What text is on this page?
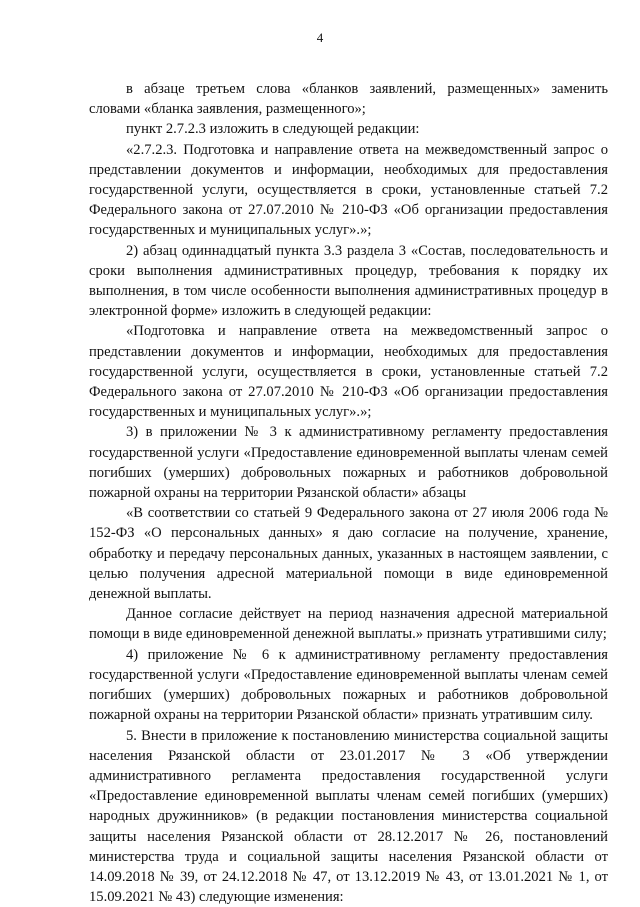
4

в абзаце третьем слова «бланков заявлений, размещенных» заменить словами «бланка заявления, размещенного»;

пункт 2.7.2.3 изложить в следующей редакции:

«2.7.2.3. Подготовка и направление ответа на межведомственный запрос о представлении документов и информации, необходимых для предоставления государственной услуги, осуществляется в сроки, установленные статьей 7.2 Федерального закона от 27.07.2010 № 210-ФЗ «Об организации предоставления государственных и муниципальных услуг».»;

2) абзац одиннадцатый пункта 3.3 раздела 3 «Состав, последовательность и сроки выполнения административных процедур, требования к порядку их выполнения, в том числе особенности выполнения административных процедур в электронной форме» изложить в следующей редакции:

«Подготовка и направление ответа на межведомственный запрос о представлении документов и информации, необходимых для предоставления государственной услуги, осуществляется в сроки, установленные статьей 7.2 Федерального закона от 27.07.2010 № 210-ФЗ «Об организации предоставления государственных и муниципальных услуг».»;

3) в приложении № 3 к административному регламенту предоставления государственной услуги «Предоставление единовременной выплаты членам семей погибших (умерших) добровольных пожарных и работников добровольной пожарной охраны на территории Рязанской области» абзацы

«В соответствии со статьей 9 Федерального закона от 27 июля 2006 года № 152-ФЗ «О персональных данных» я даю согласие на получение, хранение, обработку и передачу персональных данных, указанных в настоящем заявлении, с целью получения адресной материальной помощи в виде единовременной денежной выплаты.

Данное согласие действует на период назначения адресной материальной помощи в виде единовременной денежной выплаты.» признать утратившими силу;

4) приложение № 6 к административному регламенту предоставления государственной услуги «Предоставление единовременной выплаты членам семей погибших (умерших) добровольных пожарных и работников добровольной пожарной охраны на территории Рязанской области» признать утратившим силу.

5. Внести в приложение к постановлению министерства социальной защиты населения Рязанской области от 23.01.2017 № 3 «Об утверждении административного регламента предоставления государственной услуги «Предоставление единовременной выплаты членам семей погибших (умерших) народных дружинников» (в редакции постановления министерства социальной защиты населения Рязанской области от 28.12.2017 № 26, постановлений министерства труда и социальной защиты населения Рязанской области от 14.09.2018 № 39, от 24.12.2018 № 47, от 13.12.2019 № 43, от 13.01.2021 № 1, от 15.09.2021 № 43) следующие изменения:
